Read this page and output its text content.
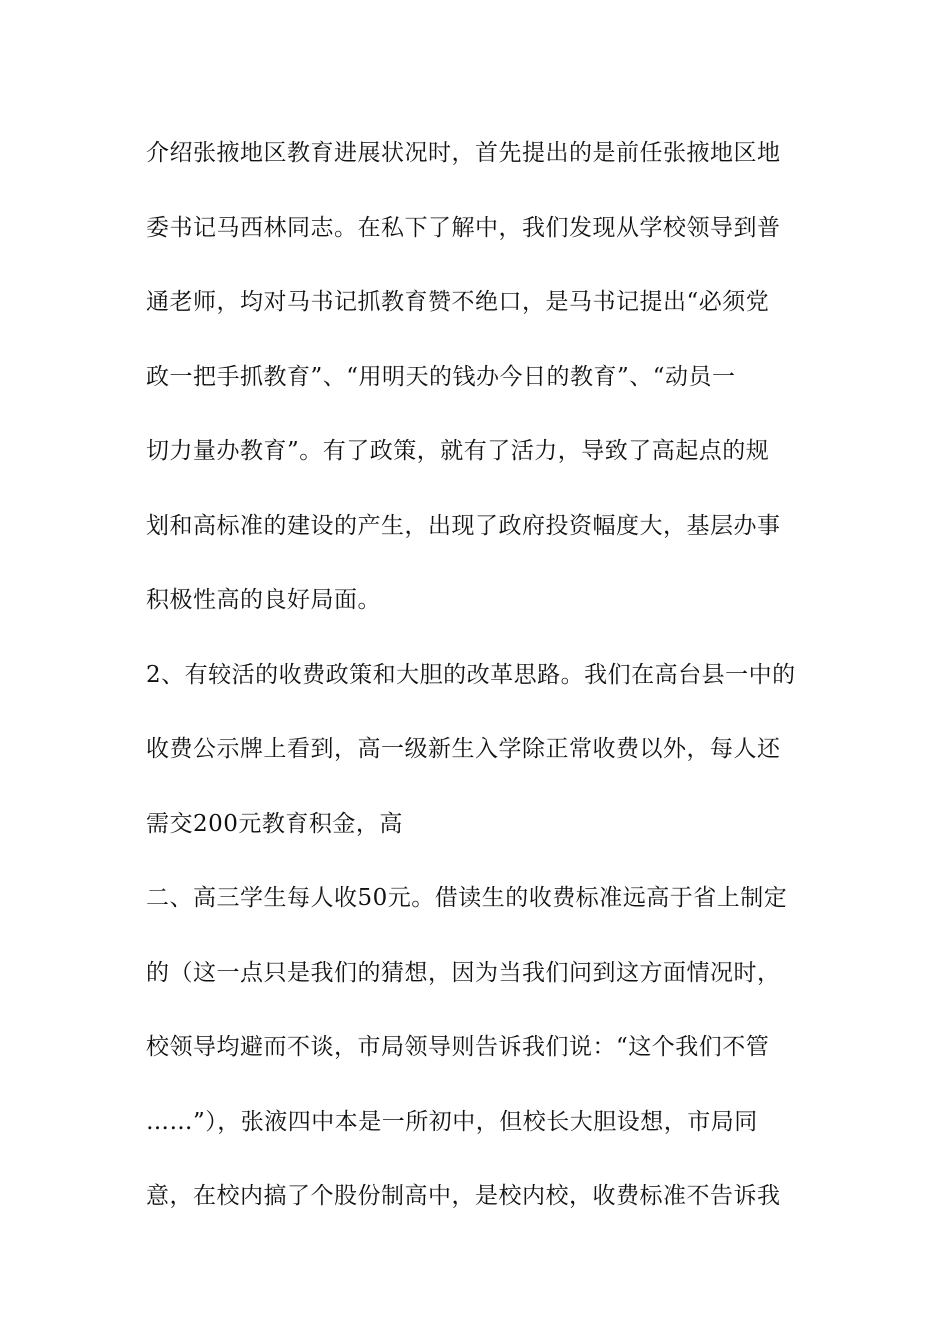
介绍张掖地区教育进展状况时，首先提出的是前任张掖地区地
委书记马西林同志。在私下了解中，我们发现从学校领导到普
通老师，均对马书记抓教育赞不绝口，是马书记提出“必须党
政一把手抓教育”、“用明天的钱办今日的教育”、“动员一
切力量办教育”。有了政策，就有了活力，导致了高起点的规
划和高标准的建设的产生，出现了政府投资幅度大，基层办事
积极性高的良好局面。
2、有较活的收费政策和大胆的改革思路。我们在高台县一中的
收费公示牌上看到，高一级新生入学除正常收费以外，每人还
需交200元教育积金，高
二、高三学生每人收50元。借读生的收费标准远高于省上制定
的（这一点只是我们的猜想，因为当我们问到这方面情况时，
校领导均避而不谈，市局领导则告诉我们说：“这个我们不管
……”），张液四中本是一所初中，但校长大胆设想，市局同
意，在校内搞了个股份制高中，是校内校，收费标准不告诉我
